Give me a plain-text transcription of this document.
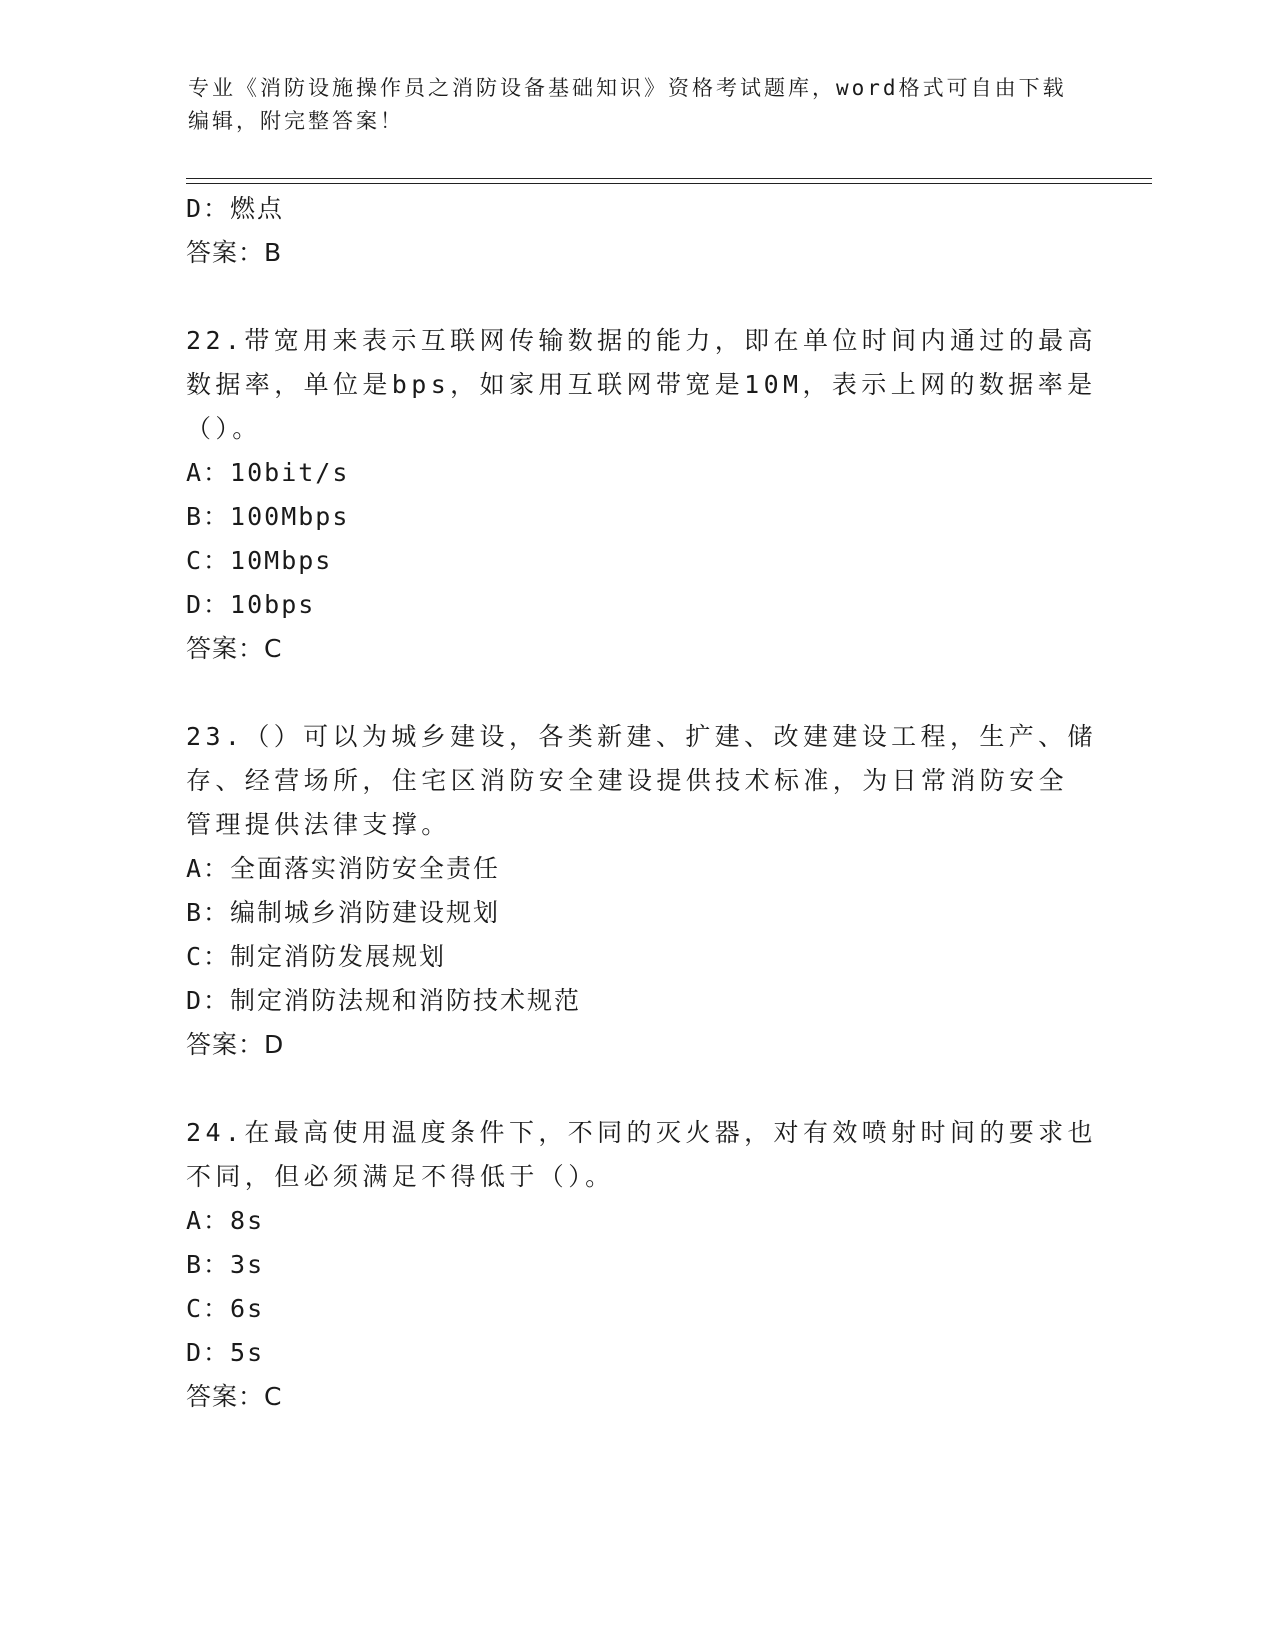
专业《消防设施操作员之消防设备基础知识》资格考试题库，word格式可自由下载编辑，附完整答案！

D：燃点

答案：B

22.带宽用来表示互联网传输数据的能力，即在单位时间内通过的最高

数据率，单位是bps，如家用互联网带宽是10M，表示上网的数据率是

（）。

A：10bit/s

B：100Mbps

C：10Mbps

D：10bps

答案：C

23.（）可以为城乡建设，各类新建、扩建、改建建设工程，生产、储

存、经营场所，住宅区消防安全建设提供技术标准，为日常消防安全

管理提供法律支撑。

A：全面落实消防安全责任

B：编制城乡消防建设规划

C：制定消防发展规划

D：制定消防法规和消防技术规范

答案：D

24.在最高使用温度条件下，不同的灭火器，对有效喷射时间的要求也

不同，但必须满足不得低于（）。

A：8s

B：3s

C：6s

D：5s

答案：C
